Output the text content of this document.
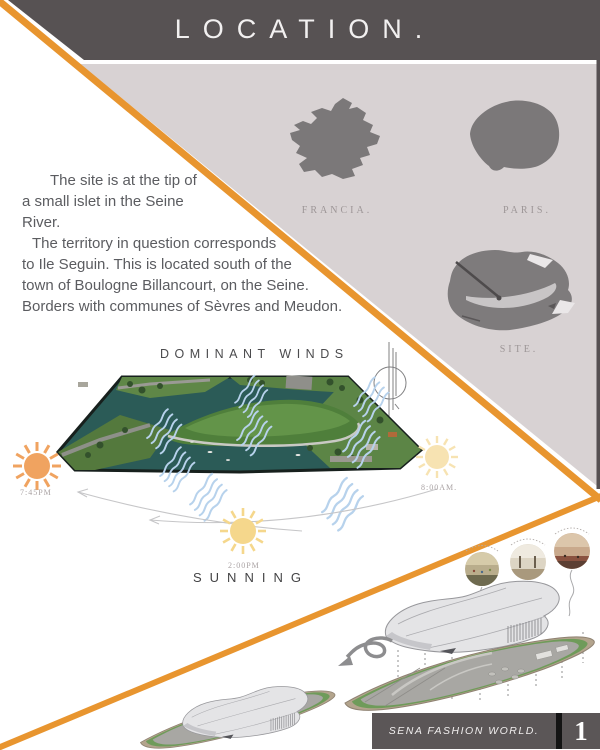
LOCATION.
FRANCIA.	PARIS.
SITE.
The site is at the tip of
a small islet in the Seine
River.
The territory in question corresponds
to Ile Seguin. This is located south of the
town of Boulogne Billancourt, on the Seine.
Borders with communes of Sèvres and Meudon.
DOMINANT WINDS
7:45PM
8:00AM.
2:00PM
SUNNING
SENA FASHION WORLD.	1
